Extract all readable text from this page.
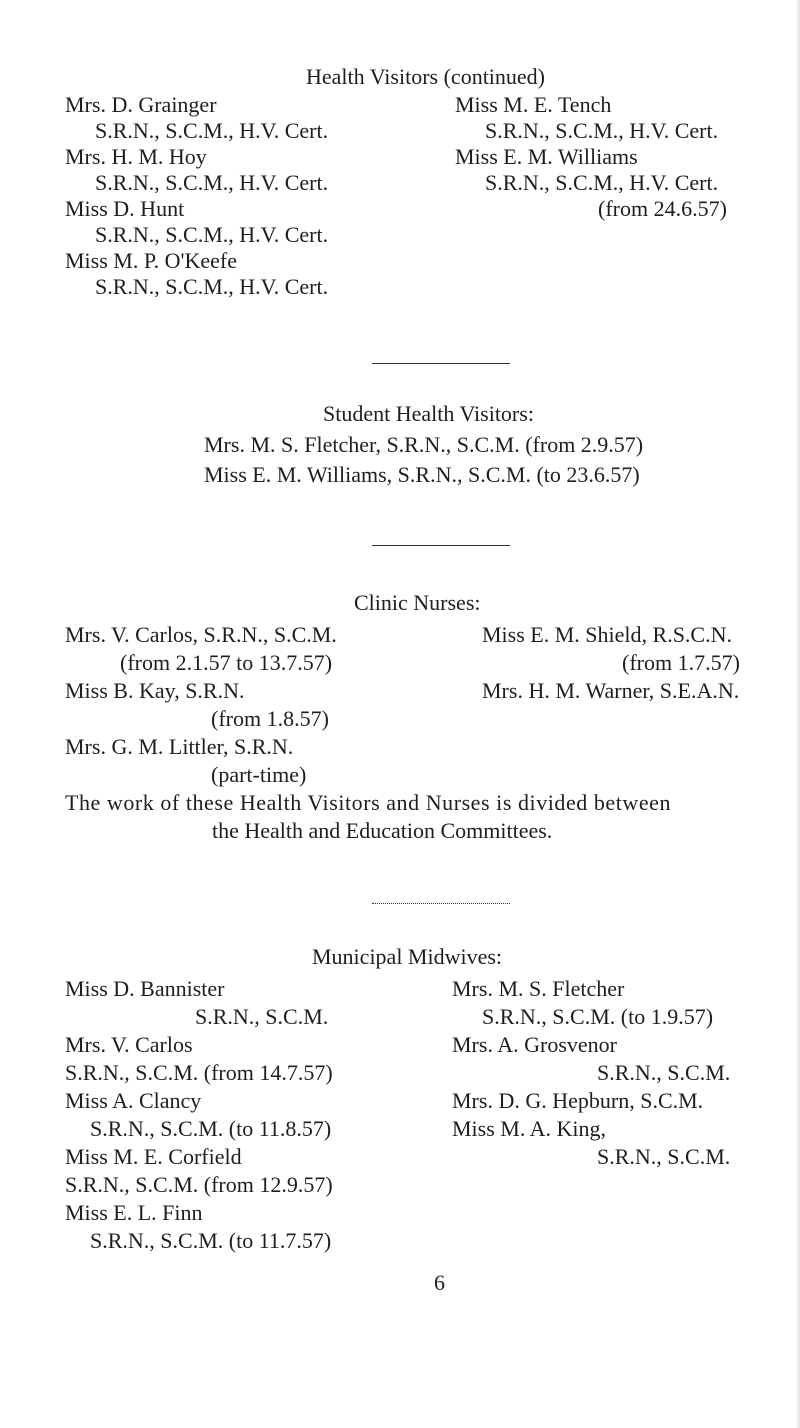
Health Visitors (continued)
Mrs. D. Grainger
S.R.N., S.C.M., H.V. Cert.
Mrs. H. M. Hoy
S.R.N., S.C.M., H.V. Cert.
Miss D. Hunt
S.R.N., S.C.M., H.V. Cert.
Miss M. P. O'Keefe
S.R.N., S.C.M., H.V. Cert.
Miss M. E. Tench
S.R.N., S.C.M., H.V. Cert.
Miss E. M. Williams
S.R.N., S.C.M., H.V. Cert.
(from 24.6.57)
Student Health Visitors:
Mrs. M. S. Fletcher, S.R.N., S.C.M. (from 2.9.57)
Miss E. M. Williams, S.R.N., S.C.M. (to 23.6.57)
Clinic Nurses:
Mrs. V. Carlos, S.R.N., S.C.M.
(from 2.1.57 to 13.7.57)
Miss B. Kay, S.R.N.
(from 1.8.57)
Mrs. G. M. Littler, S.R.N.
(part-time)
Miss E. M. Shield, R.S.C.N.
(from 1.7.57)
Mrs. H. M. Warner, S.E.A.N.
The work of these Health Visitors and Nurses is divided between
the Health and Education Committees.
Municipal Midwives:
Miss D. Bannister
S.R.N., S.C.M.
Mrs. V. Carlos
S.R.N., S.C.M. (from 14.7.57)
Miss A. Clancy
S.R.N., S.C.M. (to 11.8.57)
Miss M. E. Corfield
S.R.N., S.C.M. (from 12.9.57)
Miss E. L. Finn
S.R.N., S.C.M. (to 11.7.57)
Mrs. M. S. Fletcher
S.R.N., S.C.M. (to 1.9.57)
Mrs. A. Grosvenor
S.R.N., S.C.M.
Mrs. D. G. Hepburn, S.C.M.
Miss M. A. King,
S.R.N., S.C.M.
6
